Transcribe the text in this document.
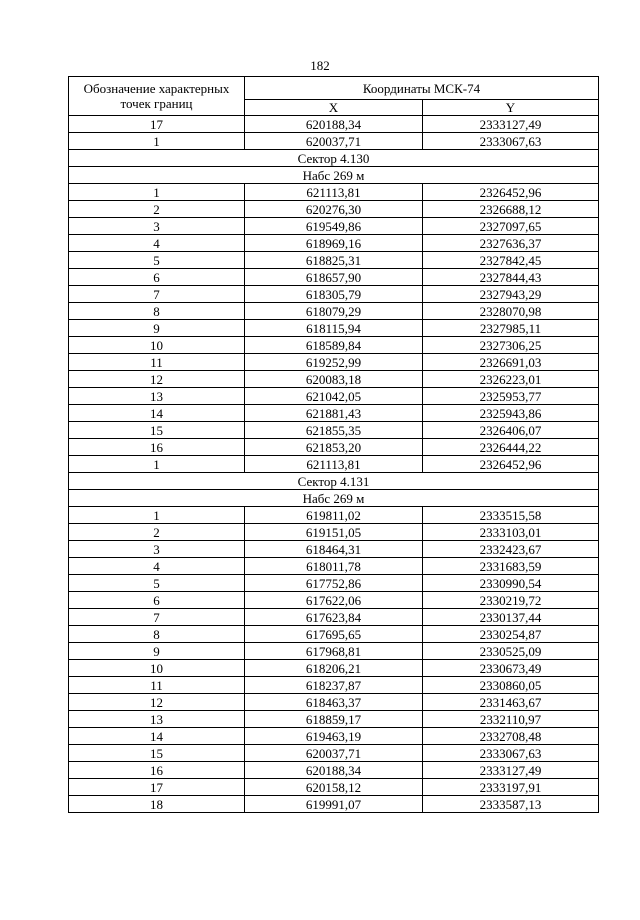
182
Обозначение характерных точек границ	Координаты МСК-74	
	X	Y
17	620188,34	2333127,49
1	620037,71	2333067,63
Сектор 4.130		
Набс 269 м		
1	621113,81	2326452,96
2	620276,30	2326688,12
3	619549,86	2327097,65
4	618969,16	2327636,37
5	618825,31	2327842,45
6	618657,90	2327844,43
7	618305,79	2327943,29
8	618079,29	2328070,98
9	618115,94	2327985,11
10	618589,84	2327306,25
11	619252,99	2326691,03
12	620083,18	2326223,01
13	621042,05	2325953,77
14	621881,43	2325943,86
15	621855,35	2326406,07
16	621853,20	2326444,22
1	621113,81	2326452,96
Сектор 4.131		
Набс 269 м		
1	619811,02	2333515,58
2	619151,05	2333103,01
3	618464,31	2332423,67
4	618011,78	2331683,59
5	617752,86	2330990,54
6	617622,06	2330219,72
7	617623,84	2330137,44
8	617695,65	2330254,87
9	617968,81	2330525,09
10	618206,21	2330673,49
11	618237,87	2330860,05
12	618463,37	2331463,67
13	618859,17	2332110,97
14	619463,19	2332708,48
15	620037,71	2333067,63
16	620188,34	2333127,49
17	620158,12	2333197,91
18	619991,07	2333587,13
